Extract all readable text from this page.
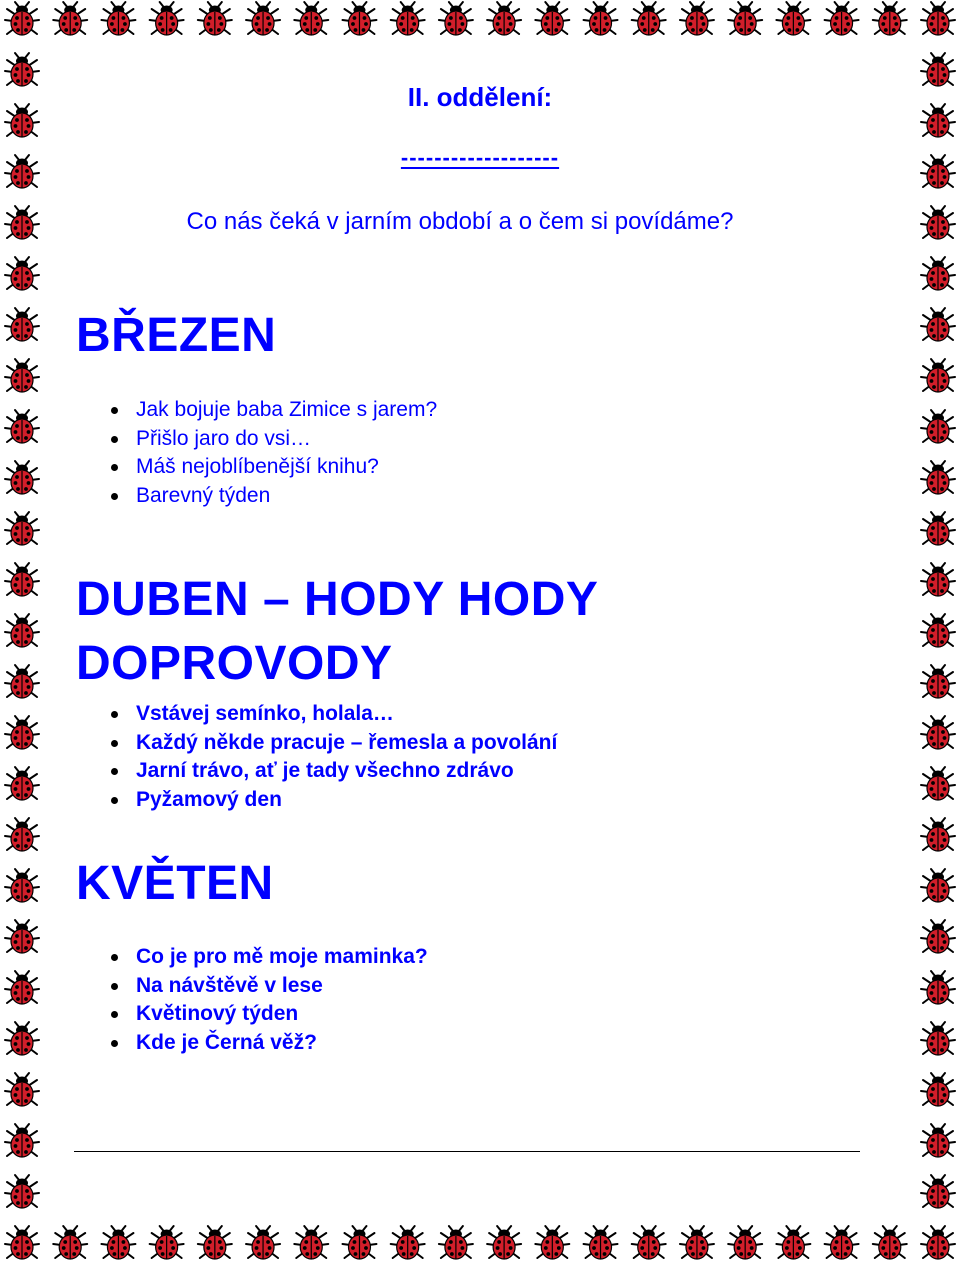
II. oddělení:

-------------------

Co nás čeká v jarním období a o čem si povídáme?

BŘEZEN
Jak bojuje baba Zimice s jarem?
Přišlo jaro do vsi…
Máš nejoblíbenější knihu?
Barevný týden
DUBEN – HODY HODY
DOPROVODY
Vstávej semínko, holala…
Každý někde pracuje – řemesla a povolání
Jarní trávo, ať je tady všechno zdrávo
Pyžamový den
KVĚTEN
Co je pro mě moje maminka?
Na návštěvě v lese
Květinový týden
Kde je Černá věž?
